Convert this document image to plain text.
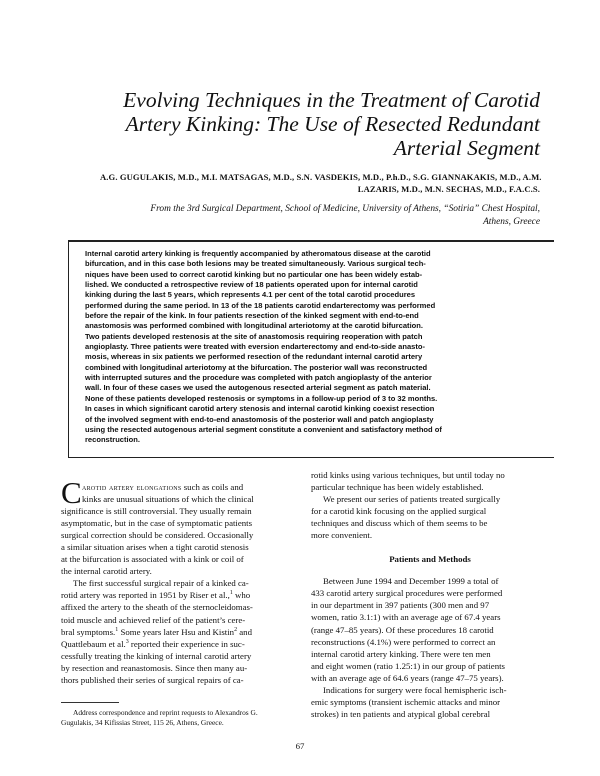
Evolving Techniques in the Treatment of Carotid
Artery Kinking: The Use of Resected Redundant
Arterial Segment
A.G. GUGULAKIS, M.D., M.I. MATSAGAS, M.D., S.N. VASDEKIS, M.D., P.h.D., S.G. GIANNAKAKIS, M.D., A.M.
LAZARIS, M.D., M.N. SECHAS, M.D., F.A.C.S.
From the 3rd Surgical Department, School of Medicine, University of Athens, “Sotiria” Chest Hospital,
Athens, Greece
Internal carotid artery kinking is frequently accompanied by atheromatous disease at the carotid
bifurcation, and in this case both lesions may be treated simultaneously. Various surgical tech-
niques have been used to correct carotid kinking but no particular one has been widely estab-
lished. We conducted a retrospective review of 18 patients operated upon for internal carotid
kinking during the last 5 years, which represents 4.1 per cent of the total carotid procedures
performed during the same period. In 13 of the 18 patients carotid endarterectomy was performed
before the repair of the kink. In four patients resection of the kinked segment with end-to-end
anastomosis was performed combined with longitudinal arteriotomy at the carotid bifurcation.
Two patients developed restenosis at the site of anastomosis requiring reoperation with patch
angioplasty. Three patients were treated with eversion endarterectomy and end-to-side anasto-
mosis, whereas in six patients we performed resection of the redundant internal carotid artery
combined with longitudinal arteriotomy at the bifurcation. The posterior wall was reconstructed
with interrupted sutures and the procedure was completed with patch angioplasty of the anterior
wall. In four of these cases we used the autogenous resected arterial segment as patch material.
None of these patients developed restenosis or symptoms in a follow-up period of 3 to 32 months.
In cases in which significant carotid artery stenosis and internal carotid kinking coexist resection
of the involved segment with end-to-end anastomosis of the posterior wall and patch angioplasty
using the resected autogenous arterial segment constitute a convenient and satisfactory method of
reconstruction.
C arotid artery elongations such as coils and
kinks are unusual situations of which the clinical
significance is still controversial. They usually remain
asymptomatic, but in the case of symptomatic patients
surgical correction should be considered. Occasionally
a similar situation arises when a tight carotid stenosis
at the bifurcation is associated with a kink or coil of
the internal carotid artery.
The first successful surgical repair of a kinked ca-
rotid artery was reported in 1951 by Riser et al.,$^1$ who
affixed the artery to the sheath of the sternocleidomas-
toid muscle and achieved relief of the patient’s cere-
bral symptoms.$^1$ Some years later Hsu and Kistin$^2$ and
Quattlebaum et al.$^3$ reported their experience in suc-
cessfully treating the kinking of internal carotid artery
by resection and reanastomosis. Since then many au-
thors published their series of surgical repairs of ca-
Address correspondence and reprint requests to Alexandros G.
Gugulakis, 34 Kifissias Street, 115 26, Athens, Greece.
rotid kinks using various techniques, but until today no
particular technique has been widely established.
We present our series of patients treated surgically
for a carotid kink focusing on the applied surgical
techniques and discuss which of them seems to be
more convenient.
Patients and Methods
Between June 1994 and December 1999 a total of
433 carotid artery surgical procedures were performed
in our department in 397 patients (300 men and 97
women, ratio 3.1:1) with an average age of 67.4 years
(range 47–85 years). Of these procedures 18 carotid
reconstructions (4.1%) were performed to correct an
internal carotid artery kinking. There were ten men
and eight women (ratio 1.25:1) in our group of patients
with an average age of 64.6 years (range 47–75 years).
Indications for surgery were focal hemispheric isch-
emic symptoms (transient ischemic attacks and minor
strokes) in ten patients and atypical global cerebral
67
